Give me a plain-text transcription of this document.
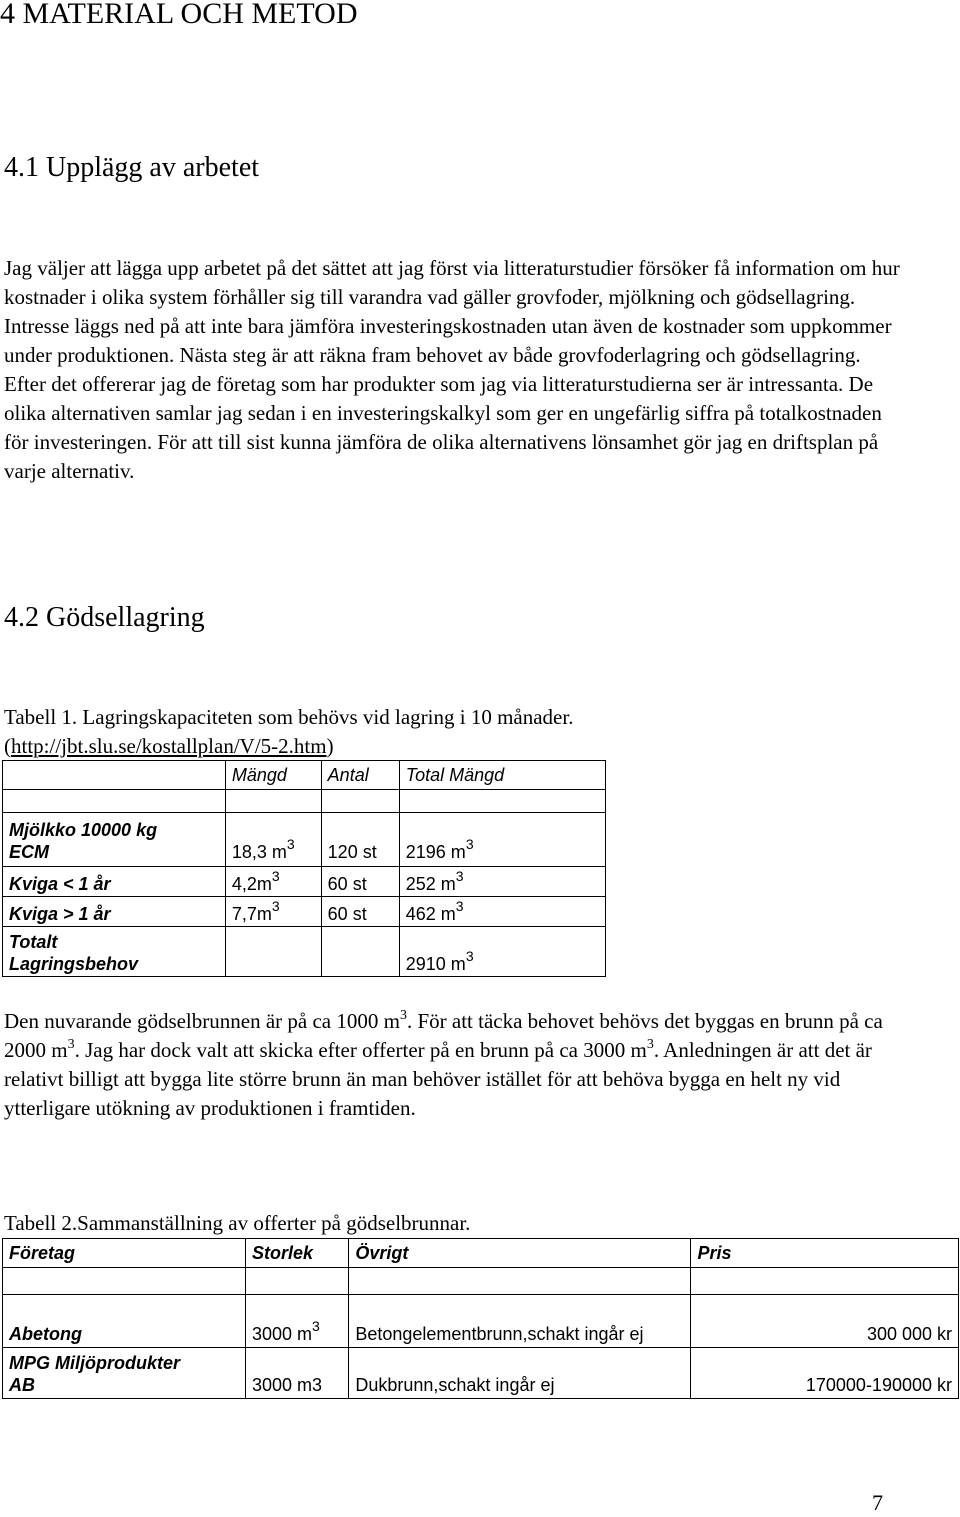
4 MATERIAL OCH METOD
4.1 Upplägg av arbetet

Jag väljer att lägga upp arbetet på det sättet att jag först via litteraturstudier försöker få information om hur kostnader i olika system förhåller sig till varandra vad gäller grovfoder, mjölkning och gödsellagring. Intresse läggs ned på att inte bara jämföra investeringskostnaden utan även de kostnader som uppkommer under produktionen. Nästa steg är att räkna fram behovet av både grovfoderlagring och gödsellagring. Efter det offererar jag de företag som har produkter som jag via litteraturstudierna ser är intressanta. De olika alternativen samlar jag sedan i en investeringskalkyl som ger en ungefärlig siffra på totalkostnaden för investeringen. För att till sist kunna jämföra de olika alternativens lönsamhet gör jag en driftsplan på varje alternativ.

4.2 Gödsellagring
Tabell 1. Lagringskapaciteten som behövs vid lagring i 10 månader.
(http://jbt.slu.se/kostallplan/V/5-2.htm)
	Mängd	Antal	Total Mängd

Mjölkko 10000 kg
ECM	18,3 $m^3$	120 st	2196 $m^3$
Kviga < 1 år	$4,2m^3$	60 st	252 $m^3$
Kviga > 1 år	$7,7m^3$	60 st	462 $m^3$
Totalt
Lagringsbehov			2910 $m^3$

Den nuvarande gödselbrunnen är på ca 1000 $m^3$. För att täcka behovet behövs det byggas en brunn på ca 2000 $m^3$. Jag har dock valt att skicka efter offerter på en brunn på ca 3000 $m^3$. Anledningen är att det är relativt billigt att bygga lite större brunn än man behöver istället för att behöva bygga en helt ny vid ytterligare utökning av produktionen i framtiden.

Tabell 2.Sammanställning av offerter på gödselbrunnar.
Företag	Storlek	Övrigt	Pris

Abetong	3000 $m^3$	Betongelementbrunn,schakt ingår ej	300 000 kr
MPG Miljöprodukter
AB	3000 m3	Dukbrunn,schakt ingår ej	170000-190000 kr
7
